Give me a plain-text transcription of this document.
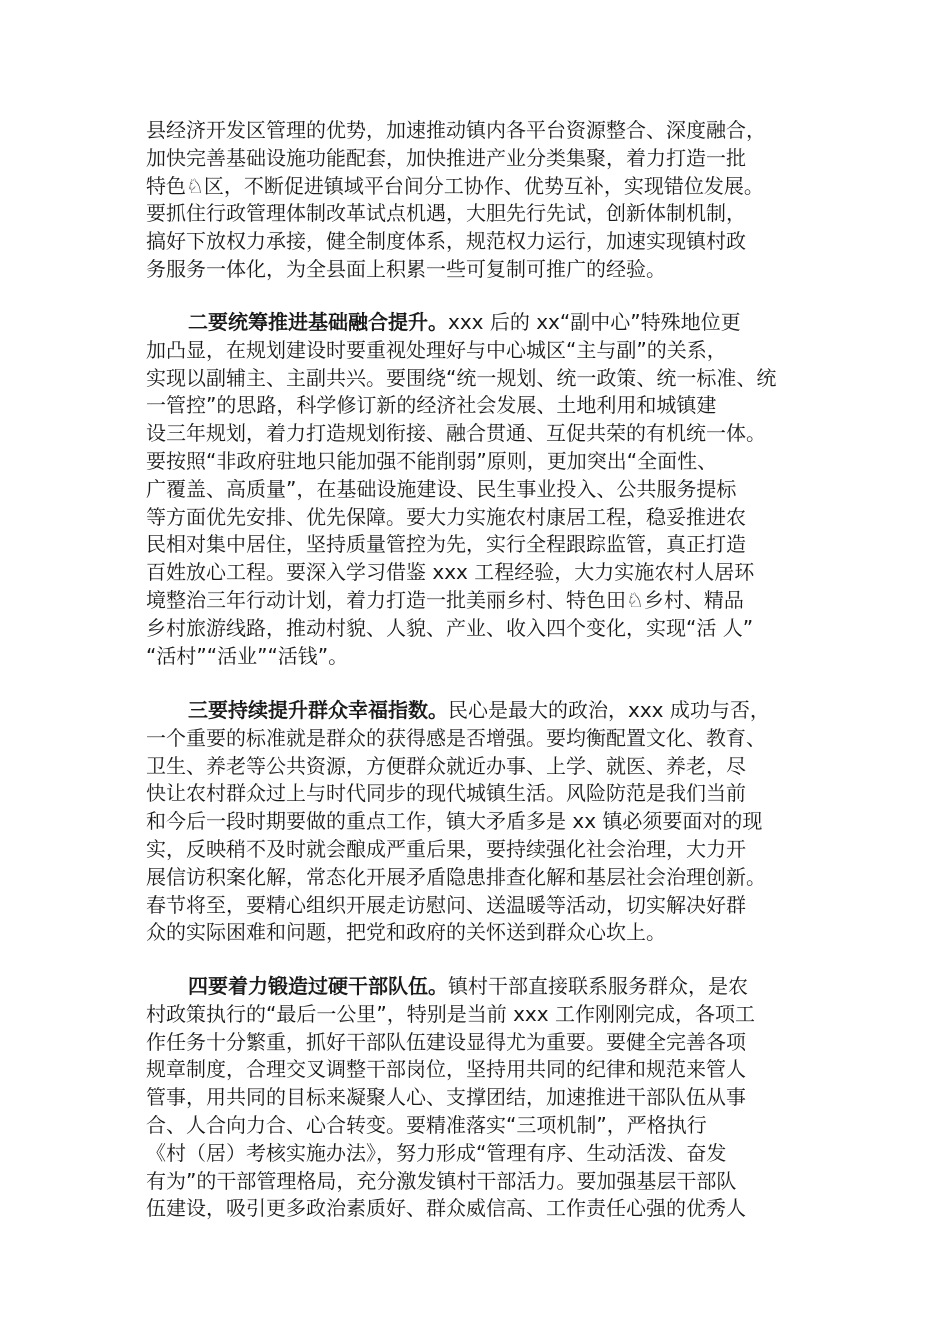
县经济开发区管理的优势，加速推动镇内各平台资源整合、深度融合，
加快完善基础设施功能配套，加快推进产业分类集聚，着力打造一批
特色♘区，不断促进镇域平台间分工协作、优势互补，实现错位发展。
要抓住行政管理体制改革试点机遇，大胆先行先试，创新体制机制，
搞好下放权力承接，健全制度体系，规范权力运行，加速实现镇村政
务服务一体化，为全县面上积累一些可复制可推广的经验。
二要统筹推进基础融合提升。xxx 后的 xx“副中心”特殊地位更
加凸显，在规划建设时要重视处理好与中心城区“主与副”的关系，
实现以副辅主、主副共兴。要围绕“统一规划、统一政策、统一标准、统
一管控”的思路，科学修订新的经济社会发展、土地利用和城镇建
设三年规划，着力打造规划衔接、融合贯通、互促共荣的有机统一体。
要按照“非政府驻地只能加强不能削弱”原则，更加突出“全面性、
广覆盖、高质量”，在基础设施建设、民生事业投入、公共服务提标
等方面优先安排、优先保障。要大力实施农村康居工程，稳妥推进农
民相对集中居住，坚持质量管控为先，实行全程跟踪监管，真正打造
百姓放心工程。要深入学习借鉴 xxx 工程经验，大力实施农村人居环
境整治三年行动计划，着力打造一批美丽乡村、特色田♘乡村、精品
乡村旅游线路，推动村貌、人貌、产业、收入四个变化，实现“活 人”
“活村”“活业”“活钱”。
三要持续提升群众幸福指数。民心是最大的政治，xxx 成功与否，
一个重要的标准就是群众的获得感是否增强。要均衡配置文化、教育、
卫生、养老等公共资源，方便群众就近办事、上学、就医、养老，尽
快让农村群众过上与时代同步的现代城镇生活。风险防范是我们当前
和今后一段时期要做的重点工作，镇大矛盾多是 xx 镇必须要面对的现
实，反映稍不及时就会酿成严重后果，要持续强化社会治理，大力开
展信访积案化解，常态化开展矛盾隐患排查化解和基层社会治理创新。
春节将至，要精心组织开展走访慰问、送温暖等活动，切实解决好群
众的实际困难和问题，把党和政府的关怀送到群众心坎上。
四要着力锻造过硬干部队伍。镇村干部直接联系服务群众，是农
村政策执行的“最后一公里”，特别是当前 xxx 工作刚刚完成，各项工
作任务十分繁重，抓好干部队伍建设显得尤为重要。要健全完善各项
规章制度，合理交叉调整干部岗位，坚持用共同的纪律和规范来管人
管事，用共同的目标来凝聚人心、支撑团结，加速推进干部队伍从事
合、人合向力合、心合转变。要精准落实“三项机制”，严格执行
《村（居）考核实施办法》，努力形成“管理有序、生动活泼、奋发
有为”的干部管理格局，充分激发镇村干部活力。要加强基层干部队
伍建设，吸引更多政治素质好、群众威信高、工作责任心强的优秀人
